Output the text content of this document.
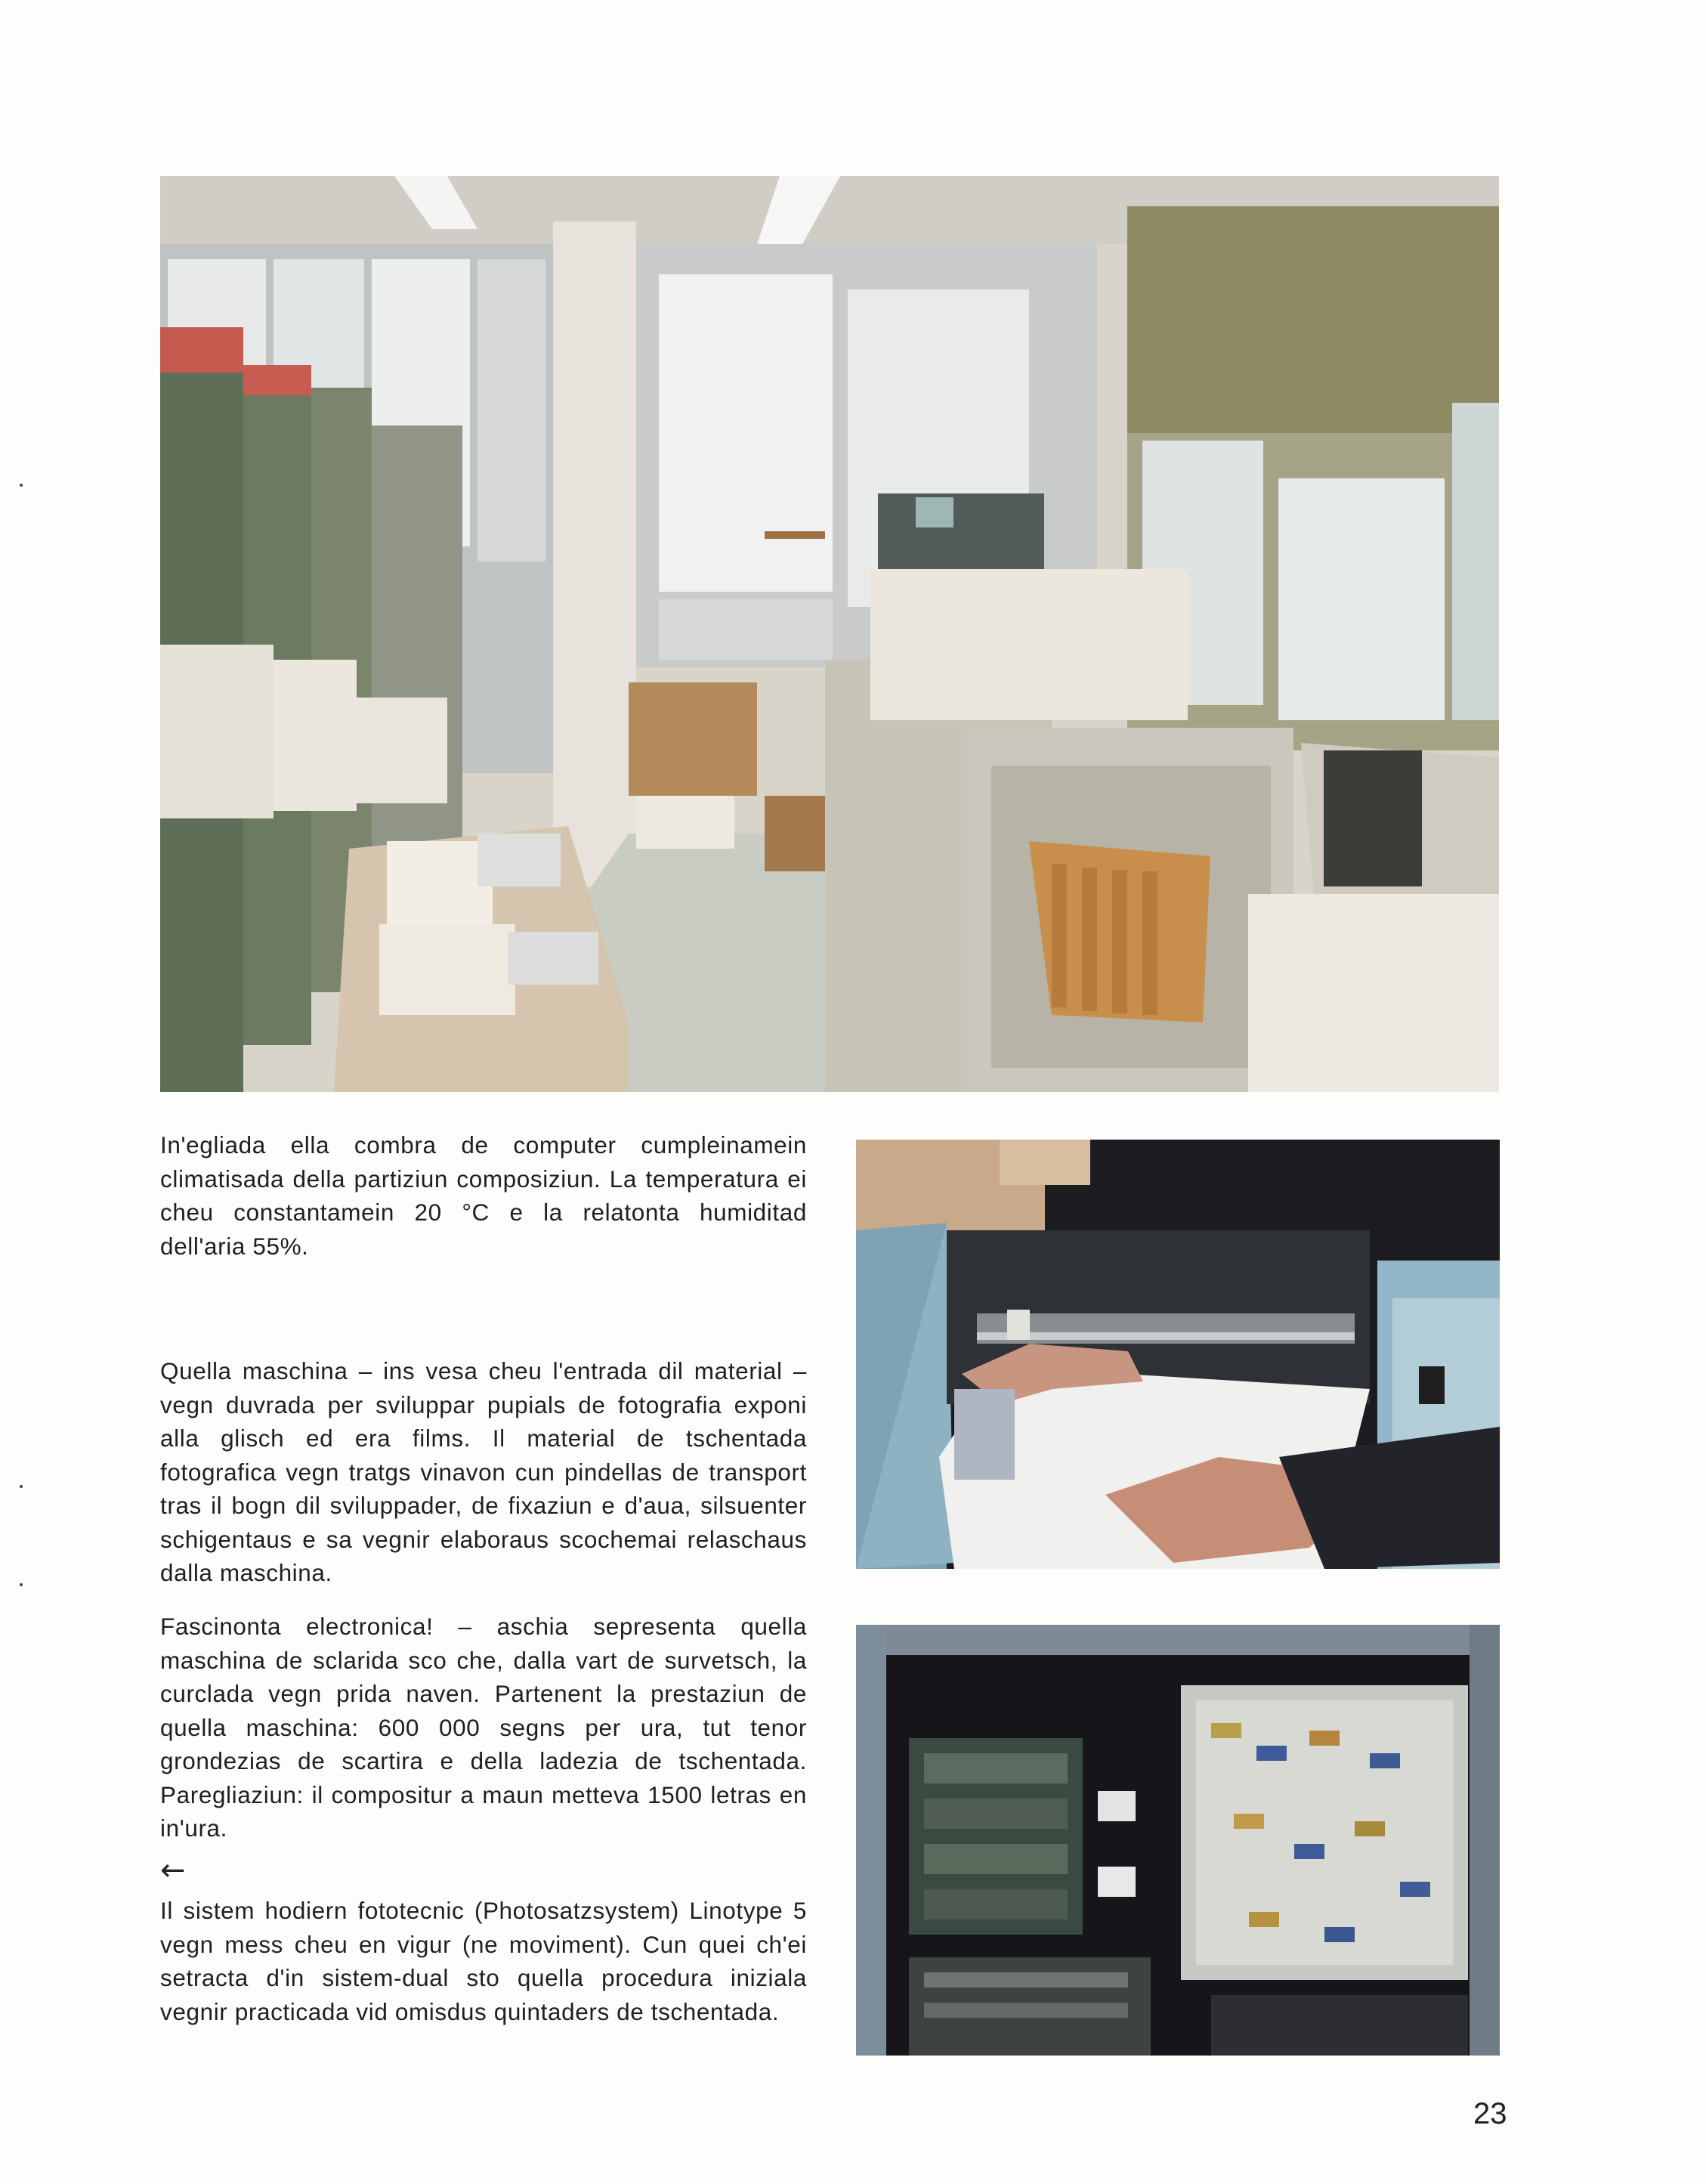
In'egliada ella combra de computer cumpleinamein climatisada della partiziun composiziun. La temperatura ei cheu constantamein 20 °C e la relatonta humiditad dell'aria 55%.

Quella maschina – ins vesa cheu l'entrada dil material – vegn duvrada per sviluppar pupials de fotografia exponi alla glisch ed era films. Il material de tschentada fotografica vegn tratgs vinavon cun pindellas de transport tras il bogn dil sviluppader, de fixaziun e d'aua, silsuenter schigentaus e sa vegnir elaboraus scochemai relaschaus dalla maschina.

Fascinonta electronica! – aschia sepresenta quella maschina de sclarida sco che, dalla vart de survetsch, la curclada vegn prida naven. Partenent la prestaziun de quella maschina: 600 000 segns per ura, tut tenor grondezias de scartira e della ladezia de tschentada. Paregliaziun: il compositur a maun metteva 1500 letras en in'ura.

←

Il sistem hodiern fototecnic (Photosatzsystem) Linotype 5 vegn mess cheu en vigur (ne moviment). Cun quei ch'ei setracta d'in sistem-dual sto quella procedura iniziala vegnir practicada vid omisdus quintaders de tschentada.

23
